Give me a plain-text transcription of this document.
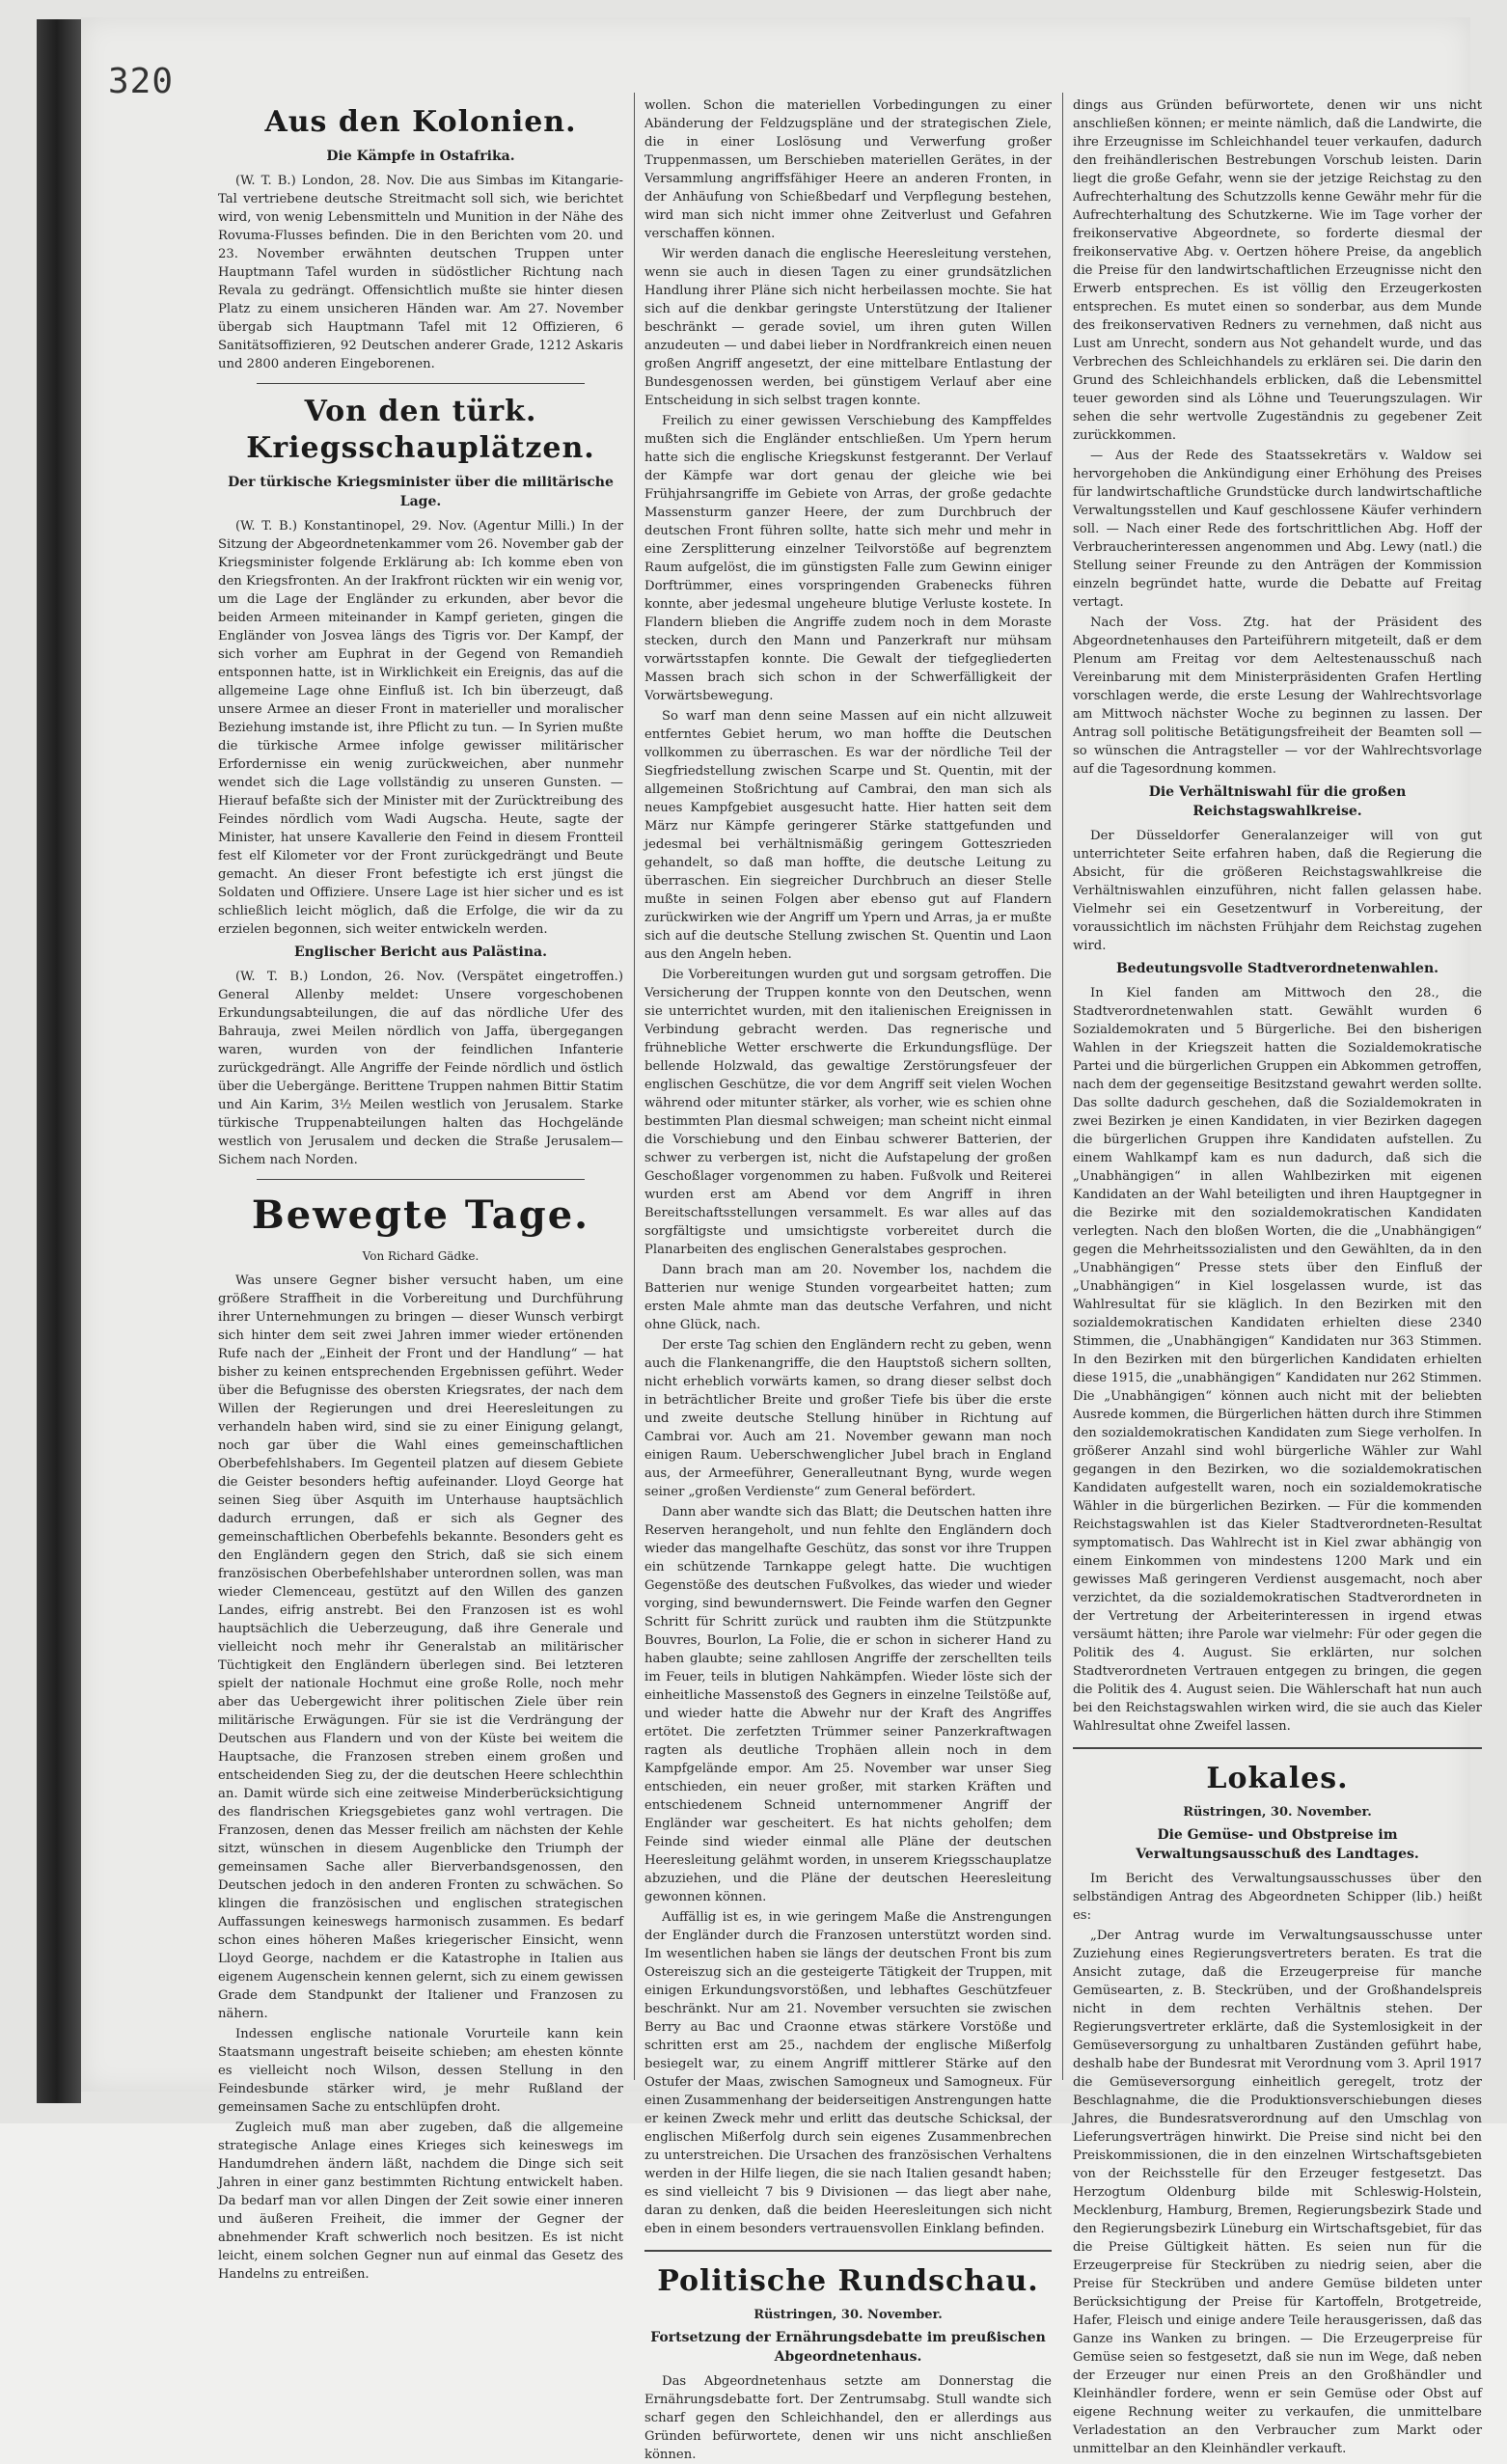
320
Aus den Kolonien.
Die Kämpfe in Ostafrika.

(W. T. B.) London, 28. Nov. Die aus Simbas im Kitangarie-Tal vertriebene deutsche Streitmacht soll sich, wie berichtet wird, von wenig Lebensmitteln und Munition in der Nähe des Rovuma-Flusses befinden. Die in den Berichten vom 20. und 23. November erwähnten deutschen Truppen unter Hauptmann Tafel wurden in südöstlicher Richtung nach Revala zu gedrängt. Offensichtlich mußte sie hinter diesen Platz zu einem unsicheren Händen war. Am 27. November übergab sich Hauptmann Tafel mit 12 Offizieren, 6 Sanitätsoffizieren, 92 Deutschen anderer Grade, 1212 Askaris und 2800 anderen Eingeborenen.

Von den türk. Kriegsschauplätzen.
Der türkische Kriegsminister über die militärische Lage.

(W. T. B.) Konstantinopel, 29. Nov. (Agentur Milli.) In der Sitzung der Abgeordnetenkammer vom 26. November gab der Kriegsminister folgende Erklärung ab: Ich komme eben von den Kriegsfronten. An der Irakfront rückten wir ein wenig vor, um die Lage der Engländer zu erkunden, aber bevor die beiden Armeen miteinander in Kampf gerieten, gingen die Engländer von Josvea längs des Tigris vor. Der Kampf, der sich vorher am Euphrat in der Gegend von Remandieh entsponnen hatte, ist in Wirklichkeit ein Ereignis, das auf die allgemeine Lage ohne Einfluß ist. Ich bin überzeugt, daß unsere Armee an dieser Front in materieller und moralischer Beziehung imstande ist, ihre Pflicht zu tun. — In Syrien mußte die türkische Armee infolge gewisser militärischer Erfordernisse ein wenig zurückweichen, aber nunmehr wendet sich die Lage vollständig zu unseren Gunsten. — Hierauf befaßte sich der Minister mit der Zurücktreibung des Feindes nördlich vom Wadi Augscha. Heute, sagte der Minister, hat unsere Kavallerie den Feind in diesem Frontteil fest elf Kilometer vor der Front zurückgedrängt und Beute gemacht. An dieser Front befestigte ich erst jüngst die Soldaten und Offiziere. Unsere Lage ist hier sicher und es ist schließlich leicht möglich, daß die Erfolge, die wir da zu erzielen begonnen, sich weiter entwickeln werden.

Englischer Bericht aus Palästina.

(W. T. B.) London, 26. Nov. (Verspätet eingetroffen.) General Allenby meldet: Unsere vorgeschobenen Erkundungsabteilungen, die auf das nördliche Ufer des Bahrauja, zwei Meilen nördlich von Jaffa, übergegangen waren, wurden von der feindlichen Infanterie zurückgedrängt. Alle Angriffe der Feinde nördlich und östlich über die Uebergänge. Berittene Truppen nahmen Bittir Statim und Ain Karim, 3½ Meilen westlich von Jerusalem. Starke türkische Truppenabteilungen halten das Hochgelände westlich von Jerusalem und decken die Straße Jerusalem—Sichem nach Norden.

Bewegte Tage.
Von Richard Gädke.

Was unsere Gegner bisher versucht haben, um eine größere Straffheit in die Vorbereitung und Durchführung ihrer Unternehmungen zu bringen — dieser Wunsch verbirgt sich hinter dem seit zwei Jahren immer wieder ertönenden Rufe nach der „Einheit der Front und der Handlung“ — hat bisher zu keinen entsprechenden Ergebnissen geführt. Weder über die Befugnisse des obersten Kriegsrates, der nach dem Willen der Regierungen und drei Heeresleitungen zu verhandeln haben wird, sind sie zu einer Einigung gelangt, noch gar über die Wahl eines gemeinschaftlichen Oberbefehlshabers. Im Gegenteil platzen auf diesem Gebiete die Geister besonders heftig aufeinander. Lloyd George hat seinen Sieg über Asquith im Unterhause hauptsächlich dadurch errungen, daß er sich als Gegner des gemeinschaftlichen Oberbefehls bekannte. Besonders geht es den Engländern gegen den Strich, daß sie sich einem französischen Oberbefehlshaber unterordnen sollen, was man wieder Clemenceau, gestützt auf den Willen des ganzen Landes, eifrig anstrebt. Bei den Franzosen ist es wohl hauptsächlich die Ueberzeugung, daß ihre Generale und vielleicht noch mehr ihr Generalstab an militärischer Tüchtigkeit den Engländern überlegen sind. Bei letzteren spielt der nationale Hochmut eine große Rolle, noch mehr aber das Uebergewicht ihrer politischen Ziele über rein militärische Erwägungen. Für sie ist die Verdrängung der Deutschen aus Flandern und von der Küste bei weitem die Hauptsache, die Franzosen streben einem großen und entscheidenden Sieg zu, der die deutschen Heere schlechthin an. Damit würde sich eine zeitweise Minderberücksichtigung des flandrischen Kriegsgebietes ganz wohl vertragen. Die Franzosen, denen das Messer freilich am nächsten der Kehle sitzt, wünschen in diesem Augenblicke den Triumph der gemeinsamen Sache aller Bierverbandsgenossen, den Deutschen jedoch in den anderen Fronten zu schwächen. So klingen die französischen und englischen strategischen Auffassungen keineswegs harmonisch zusammen. Es bedarf schon eines höheren Maßes kriegerischer Einsicht, wenn Lloyd George, nachdem er die Katastrophe in Italien aus eigenem Augenschein kennen gelernt, sich zu einem gewissen Grade dem Standpunkt der Italiener und Franzosen zu nähern.

Indessen englische nationale Vorurteile kann kein Staatsmann ungestraft beiseite schieben; am ehesten könnte es vielleicht noch Wilson, dessen Stellung in den Feindesbunde stärker wird, je mehr Rußland der gemeinsamen Sache zu entschlüpfen droht.

Zugleich muß man aber zugeben, daß die allgemeine strategische Anlage eines Krieges sich keineswegs im Handumdrehen ändern läßt, nachdem die Dinge sich seit Jahren in einer ganz bestimmten Richtung entwickelt haben. Da bedarf man vor allen Dingen der Zeit sowie einer inneren und äußeren Freiheit, die immer der Gegner der abnehmender Kraft schwerlich noch besitzen. Es ist nicht leicht, einem solchen Gegner nun auf einmal das Gesetz des Handelns zu entreißen.

wollen. Schon die materiellen Vorbedingungen zu einer Abänderung der Feldzugspläne und der strategischen Ziele, die in einer Loslösung und Verwerfung großer Truppenmassen, um Berschieben materiellen Gerätes, in der Versammlung angriffsfähiger Heere an anderen Fronten, in der Anhäufung von Schießbedarf und Verpflegung bestehen, wird man sich nicht immer ohne Zeitverlust und Gefahren verschaffen können.

Wir werden danach die englische Heeresleitung verstehen, wenn sie auch in diesen Tagen zu einer grundsätzlichen Handlung ihrer Pläne sich nicht herbeilassen mochte. Sie hat sich auf die denkbar geringste Unterstützung der Italiener beschränkt — gerade soviel, um ihren guten Willen anzudeuten — und dabei lieber in Nordfrankreich einen neuen großen Angriff angesetzt, der eine mittelbare Entlastung der Bundesgenossen werden, bei günstigem Verlauf aber eine Entscheidung in sich selbst tragen konnte.

Freilich zu einer gewissen Verschiebung des Kampffeldes mußten sich die Engländer entschließen. Um Ypern herum hatte sich die englische Kriegskunst festgerannt. Der Verlauf der Kämpfe war dort genau der gleiche wie bei Frühjahrsangriffe im Gebiete von Arras, der große gedachte Massensturm ganzer Heere, der zum Durchbruch der deutschen Front führen sollte, hatte sich mehr und mehr in eine Zersplitterung einzelner Teilvorstöße auf begrenztem Raum aufgelöst, die im günstigsten Falle zum Gewinn einiger Dorftrümmer, eines vorspringenden Grabenecks führen konnte, aber jedesmal ungeheure blutige Verluste kostete. In Flandern blieben die Angriffe zudem noch in dem Moraste stecken, durch den Mann und Panzerkraft nur mühsam vorwärtsstapfen konnte. Die Gewalt der tiefgegliederten Massen brach sich schon in der Schwerfälligkeit der Vorwärtsbewegung.

So warf man denn seine Massen auf ein nicht allzuweit entferntes Gebiet herum, wo man hoffte die Deutschen vollkommen zu überraschen. Es war der nördliche Teil der Siegfriedstellung zwischen Scarpe und St. Quentin, mit der allgemeinen Stoßrichtung auf Cambrai, den man sich als neues Kampfgebiet ausgesucht hatte. Hier hatten seit dem März nur Kämpfe geringerer Stärke stattgefunden und jedesmal bei verhältnismäßig geringem Gotteszrieden gehandelt, so daß man hoffte, die deutsche Leitung zu überraschen. Ein siegreicher Durchbruch an dieser Stelle mußte in seinen Folgen aber ebenso gut auf Flandern zurückwirken wie der Angriff um Ypern und Arras, ja er mußte sich auf die deutsche Stellung zwischen St. Quentin und Laon aus den Angeln heben.

Die Vorbereitungen wurden gut und sorgsam getroffen. Die Versicherung der Truppen konnte von den Deutschen, wenn sie unterrichtet wurden, mit den italienischen Ereignissen in Verbindung gebracht werden. Das regnerische und frühnebliche Wetter erschwerte die Erkundungsflüge. Der bellende Holzwald, das gewaltige Zerstörungsfeuer der englischen Geschütze, die vor dem Angriff seit vielen Wochen während oder mitunter stärker, als vorher, wie es schien ohne bestimmten Plan diesmal schweigen; man scheint nicht einmal die Vorschiebung und den Einbau schwerer Batterien, der schwer zu verbergen ist, nicht die Aufstapelung der großen Geschoßlager vorgenommen zu haben. Fußvolk und Reiterei wurden erst am Abend vor dem Angriff in ihren Bereitschaftsstellungen versammelt. Es war alles auf das sorgfältigste und umsichtigste vorbereitet durch die Planarbeiten des englischen Generalstabes gesprochen.

Dann brach man am 20. November los, nachdem die Batterien nur wenige Stunden vorgearbeitet hatten; zum ersten Male ahmte man das deutsche Verfahren, und nicht ohne Glück, nach.

Der erste Tag schien den Engländern recht zu geben, wenn auch die Flankenangriffe, die den Hauptstoß sichern sollten, nicht erheblich vorwärts kamen, so drang dieser selbst doch in beträchtlicher Breite und großer Tiefe bis über die erste und zweite deutsche Stellung hinüber in Richtung auf Cambrai vor. Auch am 21. November gewann man noch einigen Raum. Ueberschwenglicher Jubel brach in England aus, der Armeeführer, Generalleutnant Byng, wurde wegen seiner „großen Verdienste“ zum General befördert.

Dann aber wandte sich das Blatt; die Deutschen hatten ihre Reserven herangeholt, und nun fehlte den Engländern doch wieder das mangelhafte Geschütz, das sonst vor ihre Truppen ein schützende Tarnkappe gelegt hatte. Die wuchtigen Gegenstöße des deutschen Fußvolkes, das wieder und wieder vorging, sind bewundernswert. Die Feinde warfen den Gegner Schritt für Schritt zurück und raubten ihm die Stützpunkte Bouvres, Bourlon, La Folie, die er schon in sicherer Hand zu haben glaubte; seine zahllosen Angriffe der zerschellten teils im Feuer, teils in blutigen Nahkämpfen. Wieder löste sich der einheitliche Massenstoß des Gegners in einzelne Teilstöße auf, und wieder hatte die Abwehr nur der Kraft des Angriffes ertötet. Die zerfetzten Trümmer seiner Panzerkraftwagen ragten als deutliche Trophäen allein noch in dem Kampfgelände empor. Am 25. November war unser Sieg entschieden, ein neuer großer, mit starken Kräften und entschiedenem Schneid unternommener Angriff der Engländer war gescheitert. Es hat nichts geholfen; dem Feinde sind wieder einmal alle Pläne der deutschen Heeresleitung gelähmt worden, in unserem Kriegsschauplatze abzuziehen, und die Pläne der deutschen Heeresleitung gewonnen können.

Auffällig ist es, in wie geringem Maße die Anstrengungen der Engländer durch die Franzosen unterstützt worden sind. Im wesentlichen haben sie längs der deutschen Front bis zum Ostereiszug sich an die gesteigerte Tätigkeit der Truppen, mit einigen Erkundungsvorstößen, und lebhaftes Geschützfeuer beschränkt. Nur am 21. November versuchten sie zwischen Berry au Bac und Craonne etwas stärkere Vorstöße und schritten erst am 25., nachdem der englische Mißerfolg besiegelt war, zu einem Angriff mittlerer Stärke auf den Ostufer der Maas, zwischen Samogneux und Samogneux. Für einen Zusammenhang der beiderseitigen Anstrengungen hatte er keinen Zweck mehr und erlitt das deutsche Schicksal, der englischen Mißerfolg durch sein eigenes Zusammenbrechen zu unterstreichen. Die Ursachen des französischen Verhaltens werden in der Hilfe liegen, die sie nach Italien gesandt haben; es sind vielleicht 7 bis 9 Divisionen — das liegt aber nahe, daran zu denken, daß die beiden Heeresleitungen sich nicht eben in einem besonders vertrauensvollen Einklang befinden.

Politische Rundschau.
Rüstringen, 30. November.
Fortsetzung der Ernährungsdebatte im preußischen Abgeordnetenhaus.

Das Abgeordnetenhaus setzte am Donnerstag die Ernährungsdebatte fort. Der Zentrumsabg. Stull wandte sich scharf gegen den Schleichhandel, den er allerdings aus Gründen befürwortete, denen wir uns nicht anschließen können.

dings aus Gründen befürwortete, denen wir uns nicht anschließen können; er meinte nämlich, daß die Landwirte, die ihre Erzeugnisse im Schleichhandel teuer verkaufen, dadurch den freihändlerischen Bestrebungen Vorschub leisten. Darin liegt die große Gefahr, wenn sie der jetzige Reichstag zu den Aufrechterhaltung des Schutzzolls kenne Gewähr mehr für die Aufrechterhaltung des Schutzkerne. Wie im Tage vorher der freikonservative Abgeordnete, so forderte diesmal der freikonservative Abg. v. Oertzen höhere Preise, da angeblich die Preise für den landwirtschaftlichen Erzeugnisse nicht den Erwerb entsprechen. Es ist völlig den Erzeugerkosten entsprechen. Es mutet einen so sonderbar, aus dem Munde des freikonservativen Redners zu vernehmen, daß nicht aus Lust am Unrecht, sondern aus Not gehandelt wurde, und das Verbrechen des Schleichhandels zu erklären sei. Die darin den Grund des Schleichhandels erblicken, daß die Lebensmittel teuer geworden sind als Löhne und Teuerungszulagen. Wir sehen die sehr wertvolle Zugeständnis zu gegebener Zeit zurückkommen.

— Aus der Rede des Staatssekretärs v. Waldow sei hervorgehoben die Ankündigung einer Erhöhung des Preises für landwirtschaftliche Grundstücke durch landwirtschaftliche Verwaltungsstellen und Kauf geschlossene Käufer verhindern soll. — Nach einer Rede des fortschrittlichen Abg. Hoff der Verbraucherinteressen angenommen und Abg. Lewy (natl.) die Stellung seiner Freunde zu den Anträgen der Kommission einzeln begründet hatte, wurde die Debatte auf Freitag vertagt.

Nach der Voss. Ztg. hat der Präsident des Abgeordnetenhauses den Parteiführern mitgeteilt, daß er dem Plenum am Freitag vor dem Aeltestenausschuß nach Vereinbarung mit dem Ministerpräsidenten Grafen Hertling vorschlagen werde, die erste Lesung der Wahlrechtsvorlage am Mittwoch nächster Woche zu beginnen zu lassen. Der Antrag soll politische Betätigungsfreiheit der Beamten soll — so wünschen die Antragsteller — vor der Wahlrechtsvorlage auf die Tagesordnung kommen.

Die Verhältniswahl für die großen Reichstagswahlkreise.

Der Düsseldorfer Generalanzeiger will von gut unterrichteter Seite erfahren haben, daß die Regierung die Absicht, für die größeren Reichstagswahlkreise die Verhältniswahlen einzuführen, nicht fallen gelassen habe. Vielmehr sei ein Gesetzentwurf in Vorbereitung, der voraussichtlich im nächsten Frühjahr dem Reichstag zugehen wird.

Bedeutungsvolle Stadtverordnetenwahlen.

In Kiel fanden am Mittwoch den 28., die Stadtverordnetenwahlen statt. Gewählt wurden 6 Sozialdemokraten und 5 Bürgerliche. Bei den bisherigen Wahlen in der Kriegszeit hatten die Sozialdemokratische Partei und die bürgerlichen Gruppen ein Abkommen getroffen, nach dem der gegenseitige Besitzstand gewahrt werden sollte. Das sollte dadurch geschehen, daß die Sozialdemokraten in zwei Bezirken je einen Kandidaten, in vier Bezirken dagegen die bürgerlichen Gruppen ihre Kandidaten aufstellen. Zu einem Wahlkampf kam es nun dadurch, daß sich die „Unabhängigen“ in allen Wahlbezirken mit eigenen Kandidaten an der Wahl beteiligten und ihren Hauptgegner in die Bezirke mit den sozialdemokratischen Kandidaten verlegten. Nach den bloßen Worten, die die „Unabhängigen“ gegen die Mehrheitssozialisten und den Gewählten, da in den „Unabhängigen“ Presse stets über den Einfluß der „Unabhängigen“ in Kiel losgelassen wurde, ist das Wahlresultat für sie kläglich. In den Bezirken mit den sozialdemokratischen Kandidaten erhielten diese 2340 Stimmen, die „Unabhängigen“ Kandidaten nur 363 Stimmen. In den Bezirken mit den bürgerlichen Kandidaten erhielten diese 1915, die „unabhängigen“ Kandidaten nur 262 Stimmen. Die „Unabhängigen“ können auch nicht mit der beliebten Ausrede kommen, die Bürgerlichen hätten durch ihre Stimmen den sozialdemokratischen Kandidaten zum Siege verholfen. In größerer Anzahl sind wohl bürgerliche Wähler zur Wahl gegangen in den Bezirken, wo die sozialdemokratischen Kandidaten aufgestellt waren, noch ein sozialdemokratische Wähler in die bürgerlichen Bezirken. — Für die kommenden Reichstagswahlen ist das Kieler Stadtverordneten-Resultat symptomatisch. Das Wahlrecht ist in Kiel zwar abhängig von einem Einkommen von mindestens 1200 Mark und ein gewisses Maß geringeren Verdienst ausgemacht, noch aber verzichtet, da die sozialdemokratischen Stadtverordneten in der Vertretung der Arbeiterinteressen in irgend etwas versäumt hätten; ihre Parole war vielmehr: Für oder gegen die Politik des 4. August. Sie erklärten, nur solchen Stadtverordneten Vertrauen entgegen zu bringen, die gegen die Politik des 4. August seien. Die Wählerschaft hat nun auch bei den Reichstagswahlen wirken wird, die sie auch das Kieler Wahlresultat ohne Zweifel lassen.

Lokales.
Rüstringen, 30. November.
Die Gemüse- und Obstpreise im Verwaltungsausschuß des Landtages.

Im Bericht des Verwaltungsausschusses über den selbständigen Antrag des Abgeordneten Schipper (lib.) heißt es:

„Der Antrag wurde im Verwaltungsausschusse unter Zuziehung eines Regierungsvertreters beraten. Es trat die Ansicht zutage, daß die Erzeugerpreise für manche Gemüsearten, z. B. Steckrüben, und der Großhandelspreis nicht in dem rechten Verhältnis stehen. Der Regierungsvertreter erklärte, daß die Systemlosigkeit in der Gemüseversorgung zu unhaltbaren Zuständen geführt habe, deshalb habe der Bundesrat mit Verordnung vom 3. April 1917 die Gemüseversorgung einheitlich geregelt, trotz der Beschlagnahme, die die Produktionsverschiebungen dieses Jahres, die Bundesratsverordnung auf den Umschlag von Lieferungsverträgen hinwirkt. Die Preise sind nicht bei den Preiskommissionen, die in den einzelnen Wirtschaftsgebieten von der Reichsstelle für den Erzeuger festgesetzt. Das Herzogtum Oldenburg bilde mit Schleswig-Holstein, Mecklenburg, Hamburg, Bremen, Regierungsbezirk Stade und den Regierungsbezirk Lüneburg ein Wirtschaftsgebiet, für das die Preise Gültigkeit hätten. Es seien nun für die Erzeugerpreise für Steckrüben zu niedrig seien, aber die Preise für Steckrüben und andere Gemüse bildeten unter Berücksichtigung der Preise für Kartoffeln, Brotgetreide, Hafer, Fleisch und einige andere Teile herausgerissen, daß das Ganze ins Wanken zu bringen. — Die Erzeugerpreise für Gemüse seien so festgesetzt, daß sie nun im Wege, daß neben der Erzeuger nur einen Preis an den Großhändler und Kleinhändler fordere, wenn er sein Gemüse oder Obst auf eigene Rechnung weiter zu verkaufen, die unmittelbare Verladestation an den Verbraucher zum Markt oder unmittelbar an den Kleinhändler verkauft.
